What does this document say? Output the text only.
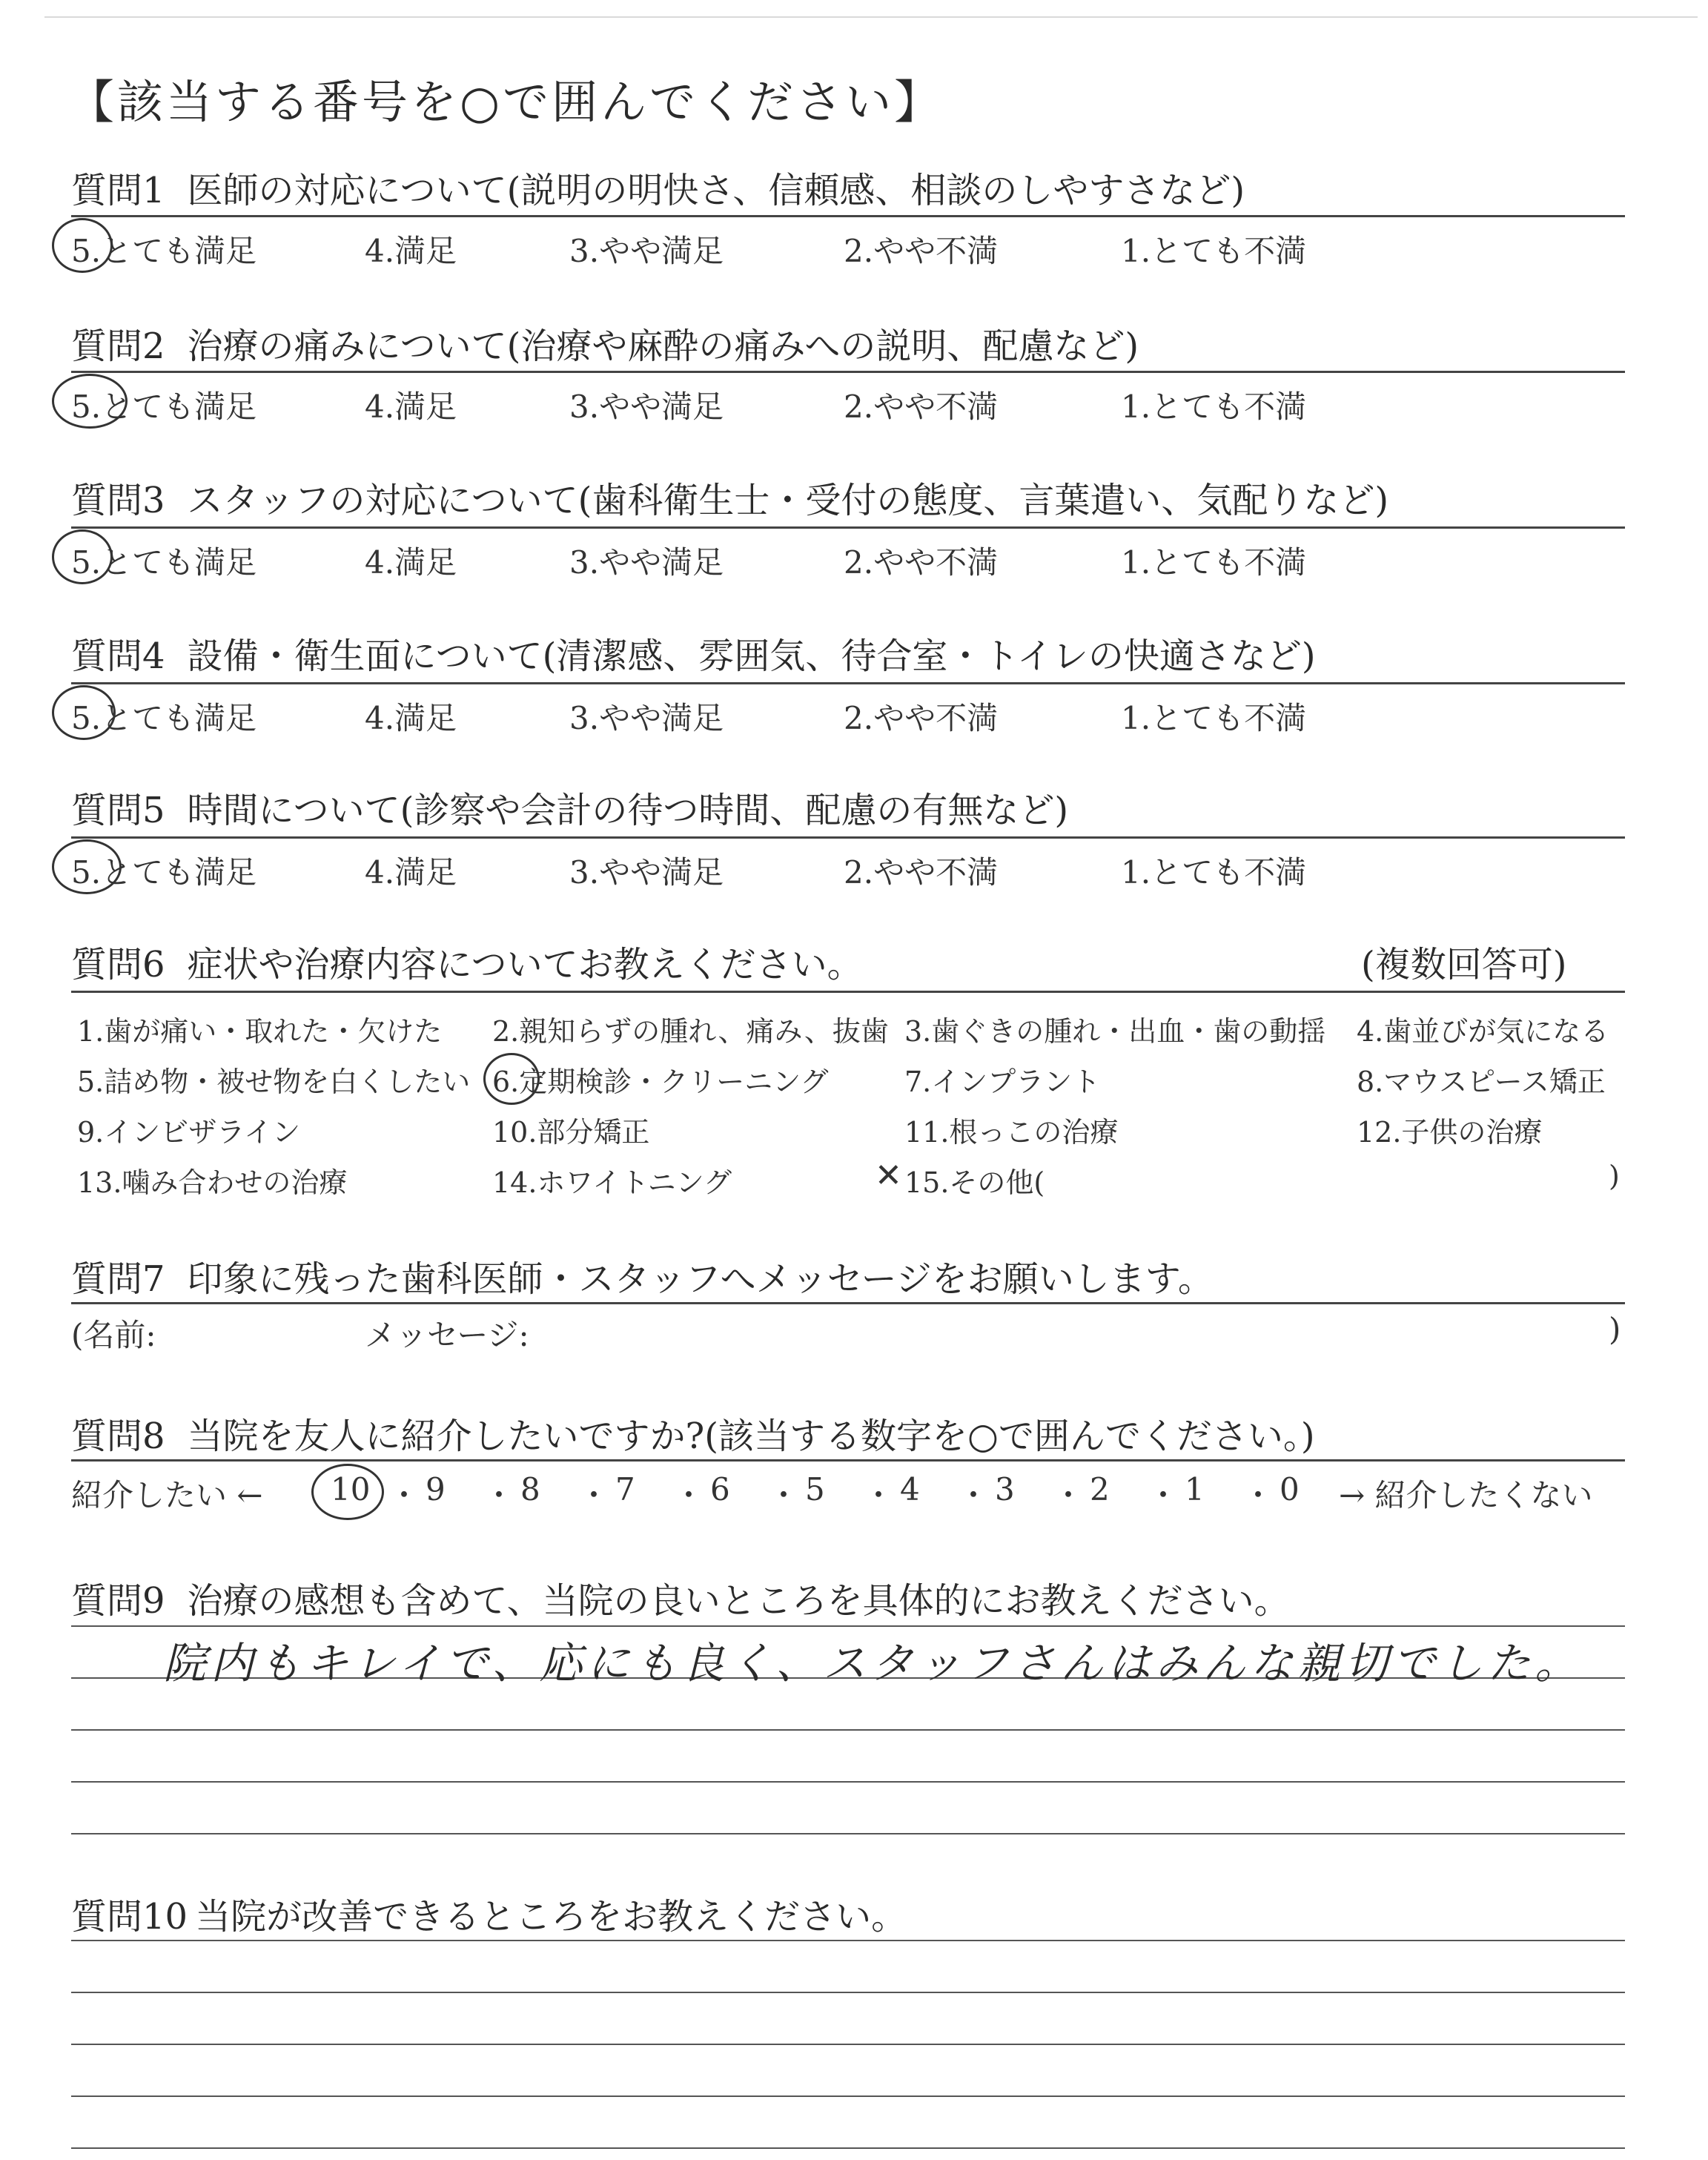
【該当する番号を○で囲んでください】
質問1 医師の対応について(説明の明快さ、信頼感、相談のしやすさなど)
5.とても満足	4.満足	3.やや満足	2.やや不満	1.とても不満
質問2 治療の痛みについて(治療や麻酔の痛みへの説明、配慮など)
5.とても満足	4.満足	3.やや満足	2.やや不満	1.とても不満
質問3 スタッフの対応について(歯科衛生士・受付の態度、言葉遣い、気配りなど)
5.とても満足	4.満足	3.やや満足	2.やや不満	1.とても不満
質問4 設備・衛生面について(清潔感、雰囲気、待合室・トイレの快適さなど)
5.とても満足	4.満足	3.やや満足	2.やや不満	1.とても不満
質問5 時間について(診察や会計の待つ時間、配慮の有無など)
5.とても満足	4.満足	3.やや満足	2.やや不満	1.とても不満
質問6 症状や治療内容についてお教えください。	(複数回答可)
1.歯が痛い・取れた・欠けた 2.親知らずの腫れ、痛み、抜歯 3.歯ぐきの腫れ・出血・歯の動揺 4.歯並びが気になる
5.詰め物・被せ物を白くしたい 6.定期検診・クリーニング	7.インプラント	8.マウスピース矯正
9.インビザライン	10.部分矯正	11.根っこの治療	12.子供の治療
13.噛み合わせの治療	14.ホワイトニング	15.その他(	)
✕
質問7 印象に残った歯科医師・スタッフへメッセージをお願いします。
(名前:	メッセージ:	)
質問8 当院を友人に紹介したいですか?(該当する数字を○で囲んでください。)
紹介したい ←	→ 紹介したくない
10 ・ 9 ・ 8 ・ 7 ・ 6 ・ 5 ・ 4 ・ 3 ・ 2 ・ 1 ・ 0
質問9 治療の感想も含めて、当院の良いところを具体的にお教えください。
院内もキレイで、応にも良く、スタッフさんはみんな親切でした。
質問10 当院が改善できるところをお教えください。
